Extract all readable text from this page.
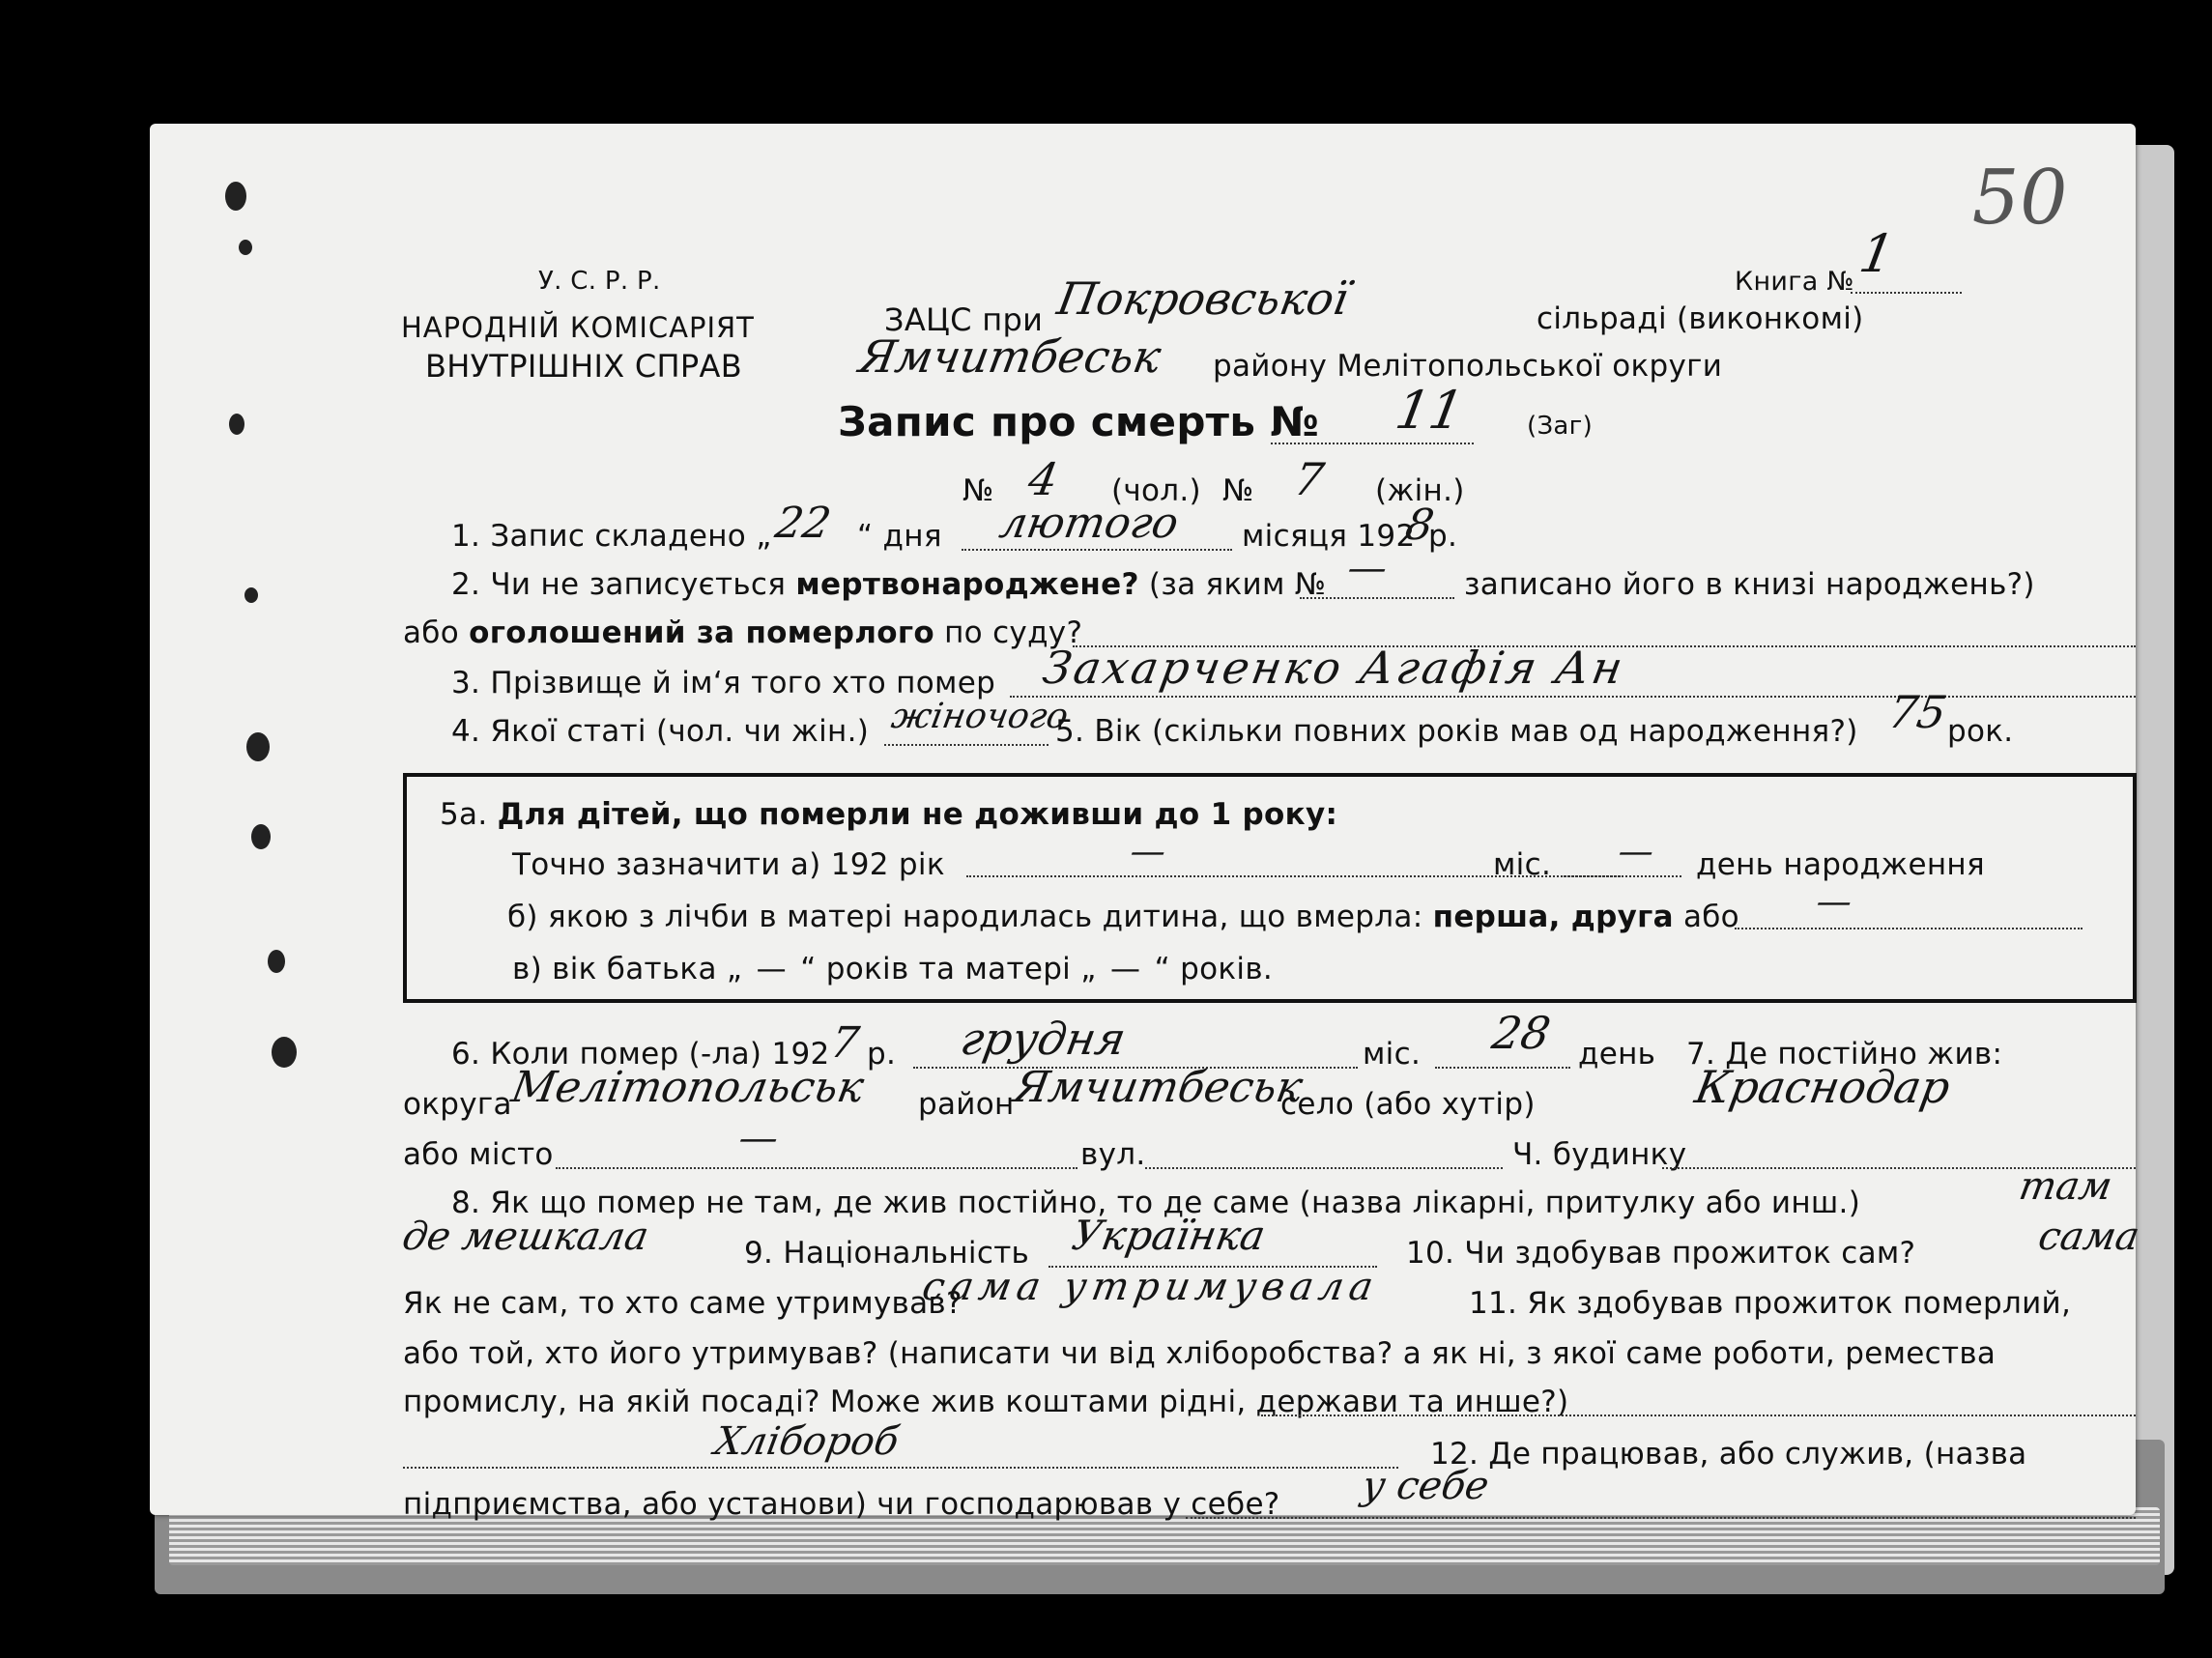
50
У. С. Р. Р.
НАРОДНІЙ КОМІСАРІЯТ
ВНУТРІШНІХ СПРАВ
Книга № 1
ЗАЦС при Покровської	сільраді (виконкомі)
Ямчитбеськ району Мелітопольської округи
Запис про смерть № 11 (Заг)
№ 4 (чол.) № 7 (жін.)
1. Запис складено „ 22 “ дня лютого місяця 192
8
р.
2. Чи не записується мертвонароджене? (за яким № — записано його в книзі народжень?)
або оголошений за померлого по суду?
3. Прізвище й ім‘я того хто помер Захарченко Агафія Ан
4. Якої статі (чол. чи жін.) жіночого
5. Вік (скільки повних років мав од народження?) 75
рок.
5а. Для дітей, що померли не доживши до 1 року:
Точно зазначити а) 192 рік	—	міс. — день народження
б) якою з лічби в матері народилась дитина, що вмерла: перша, друга або —
в) вік батька „ — “ років та матері „ — “ років.
6. Коли помер (-ла) 192
7 р. грудня	міс. 28 день 7. Де постійно жив:
округа
Мелітопольськ район
Ямчитбеськ
село (або хутір)	Краснодар
або місто	—	вул.	Ч. будинку
8. Як що помер не там, де жив постійно, то де саме (назва лікарні, притулку або инш.)	там
де мешкала	9. Національність Українка	10. Чи здобував прожиток сам?	сама
Як не сам, то хто саме утримував?
сама утримувала	11. Як здобував прожиток померлий,
або той, хто його утримував? (написати чи від хліборобства? а як ні, з якої саме роботи, ремества
промислу, на якій посаді? Може жив коштами рідні, держави та инше?)
Хлібороб	12. Де працював, або служив, (назва
підприємства, або установи) чи господарював у себе? у себе
